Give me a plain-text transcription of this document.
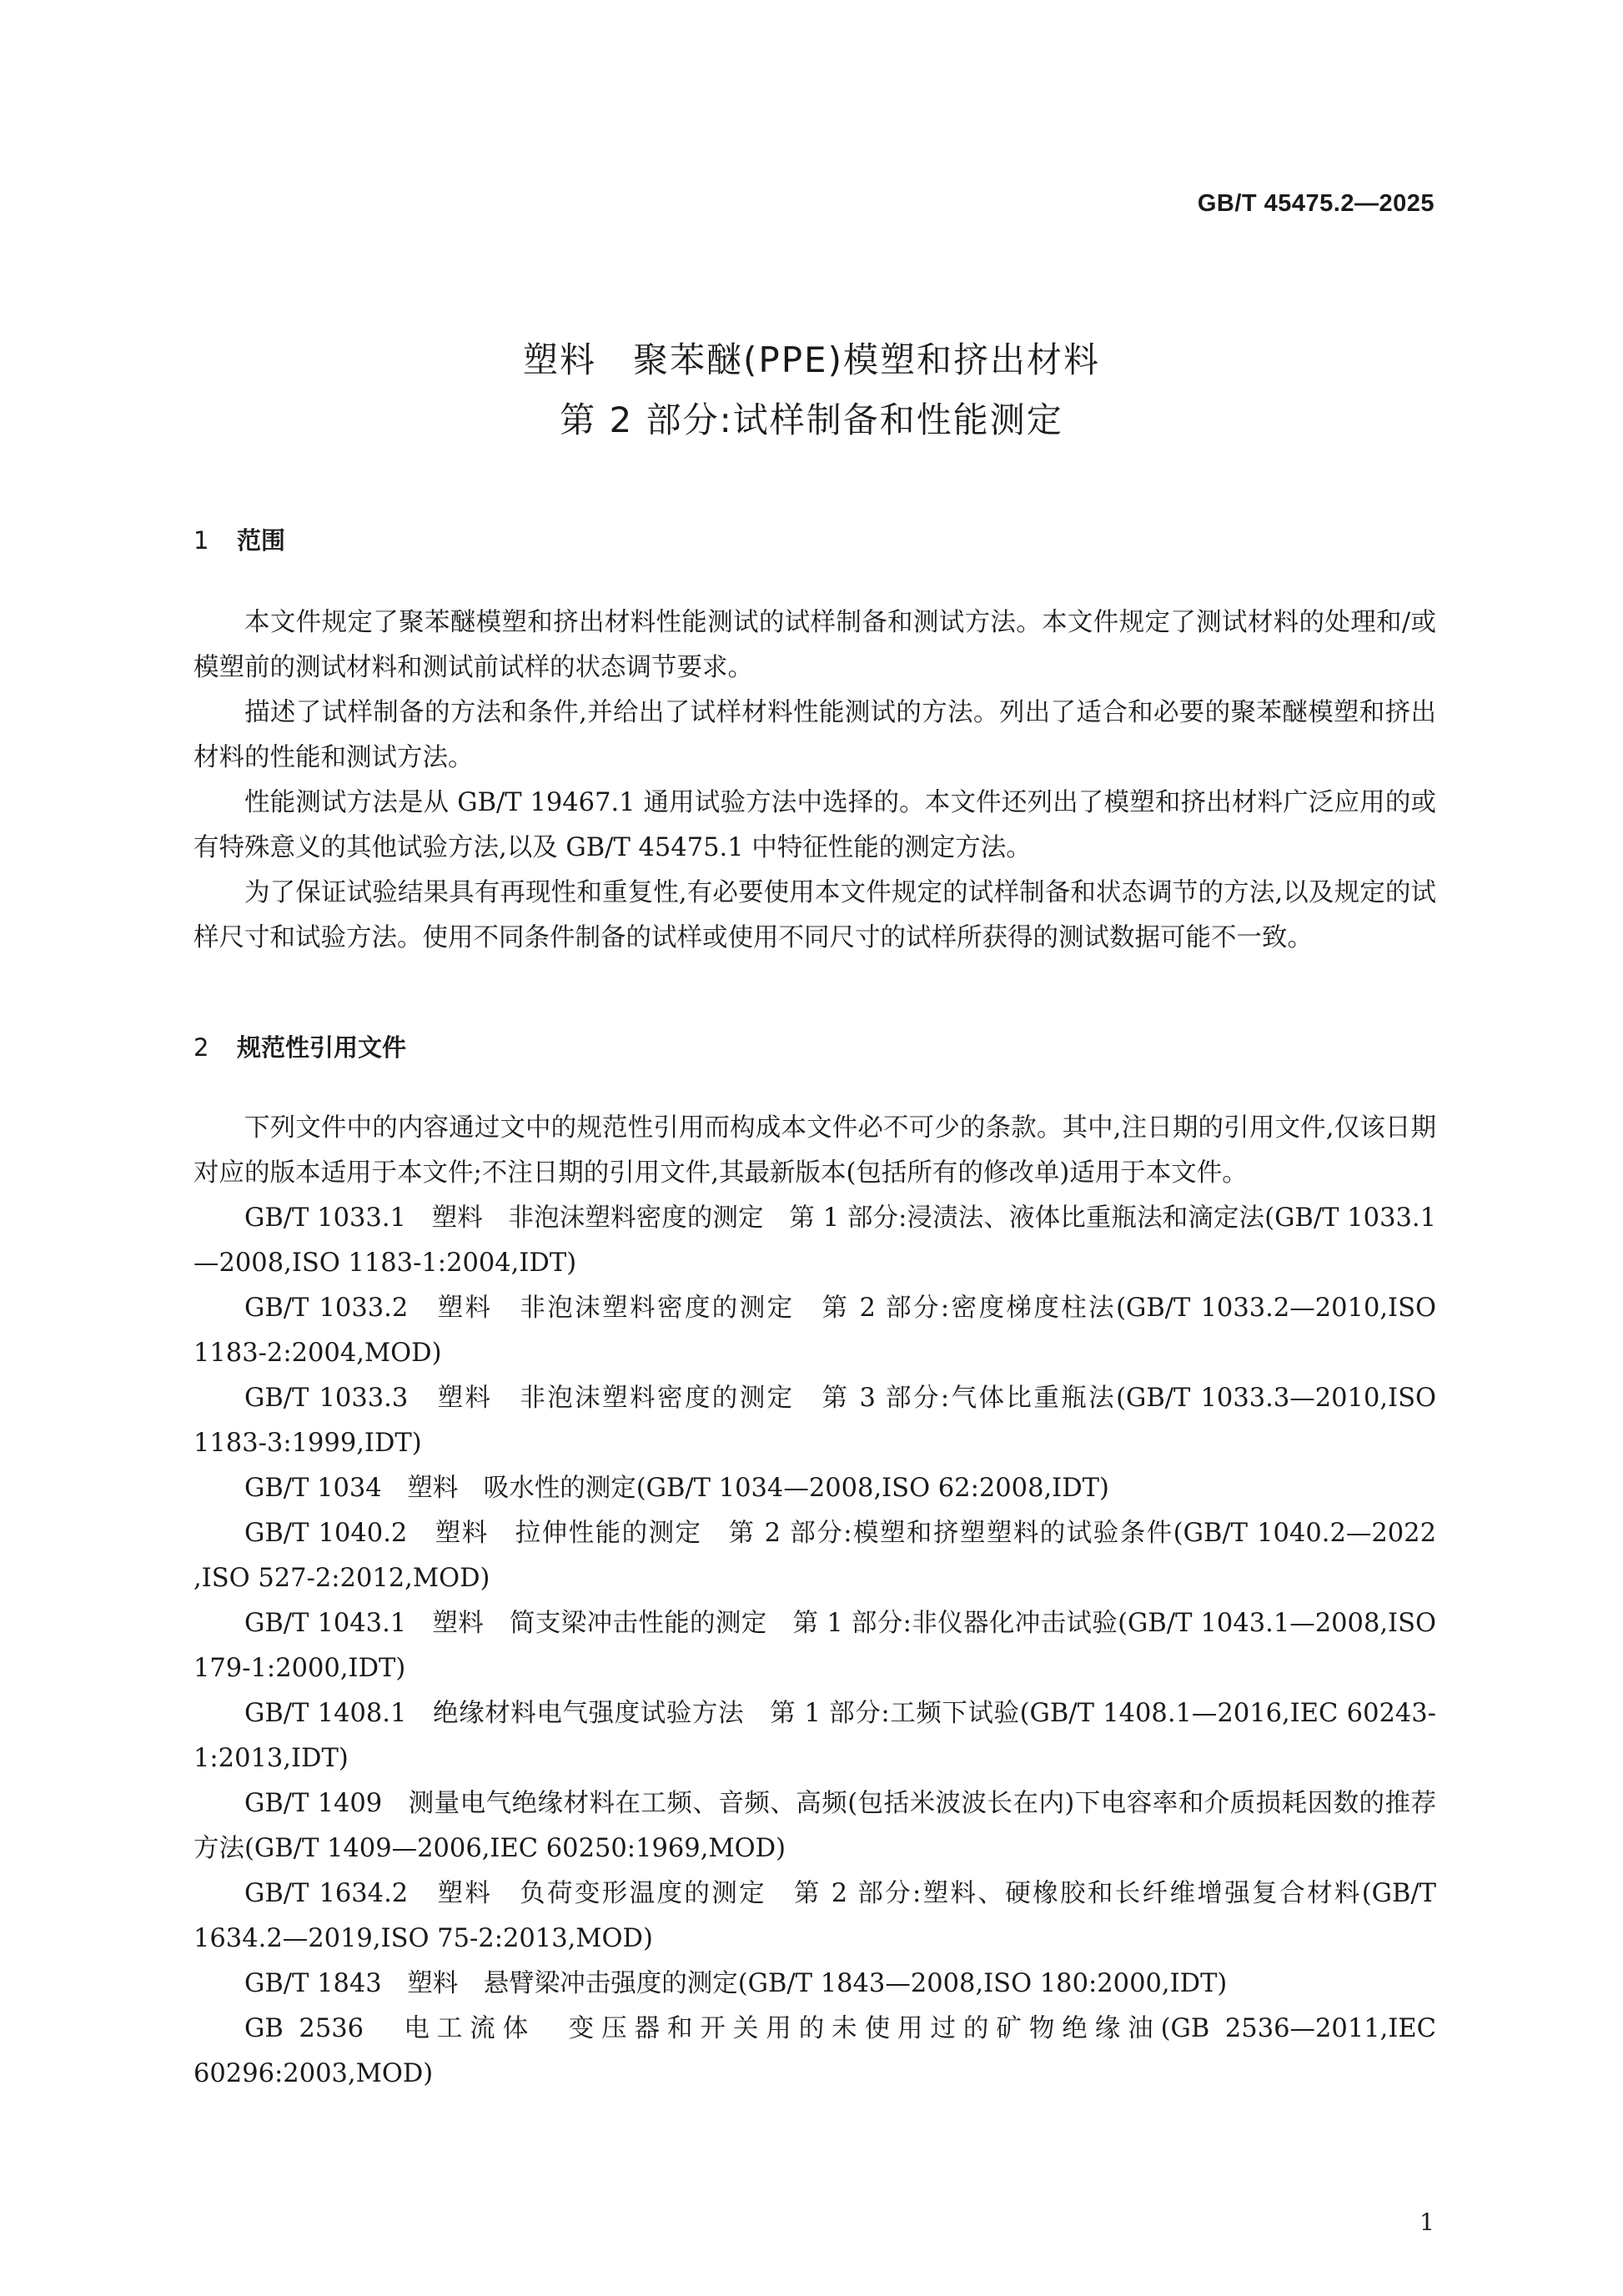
GB/T 45475.2—2025
塑料　聚苯醚(PPE)模塑和挤出材料
第 2 部分:试样制备和性能测定
1 范围

本文件规定了聚苯醚模塑和挤出材料性能测试的试样制备和测试方法。本文件规定了测试材料的处理和/或模塑前的测试材料和测试前试样的状态调节要求。

描述了试样制备的方法和条件,并给出了试样材料性能测试的方法。列出了适合和必要的聚苯醚模塑和挤出材料的性能和测试方法。

性能测试方法是从 GB/T 19467.1 通用试验方法中选择的。本文件还列出了模塑和挤出材料广泛应用的或有特殊意义的其他试验方法,以及 GB/T 45475.1 中特征性能的测定方法。

为了保证试验结果具有再现性和重复性,有必要使用本文件规定的试样制备和状态调节的方法,以及规定的试样尺寸和试验方法。使用不同条件制备的试样或使用不同尺寸的试样所获得的测试数据可能不一致。

2 规范性引用文件

下列文件中的内容通过文中的规范性引用而构成本文件必不可少的条款。其中,注日期的引用文件,仅该日期对应的版本适用于本文件;不注日期的引用文件,其最新版本(包括所有的修改单)适用于本文件。

GB/T 1033.1　塑料　非泡沫塑料密度的测定　第 1 部分:浸渍法、液体比重瓶法和滴定法(GB/T 1033.1—2008,ISO 1183-1:2004,IDT)

GB/T 1033.2　塑料　非泡沫塑料密度的测定　第 2 部分:密度梯度柱法(GB/T 1033.2—2010,ISO 1183-2:2004,MOD)

GB/T 1033.3　塑料　非泡沫塑料密度的测定　第 3 部分:气体比重瓶法(GB/T 1033.3—2010,ISO 1183-3:1999,IDT)

GB/T 1034　塑料　吸水性的测定(GB/T 1034—2008,ISO 62:2008,IDT)

GB/T 1040.2　塑料　拉伸性能的测定　第 2 部分:模塑和挤塑塑料的试验条件(GB/T 1040.2—2022 ,ISO 527-2:2012,MOD)

GB/T 1043.1　塑料　简支梁冲击性能的测定　第 1 部分:非仪器化冲击试验(GB/T 1043.1—2008,ISO 179-1:2000,IDT)

GB/T 1408.1　绝缘材料电气强度试验方法　第 1 部分:工频下试验(GB/T 1408.1—2016,IEC 60243-1:2013,IDT)

GB/T 1409　测量电气绝缘材料在工频、音频、高频(包括米波波长在内)下电容率和介质损耗因数的推荐方法(GB/T 1409—2006,IEC 60250:1969,MOD)

GB/T 1634.2　塑料　负荷变形温度的测定　第 2 部分:塑料、硬橡胶和长纤维增强复合材料(GB/T 1634.2—2019,ISO 75-2:2013,MOD)

GB/T 1843　塑料　悬臂梁冲击强度的测定(GB/T 1843—2008,ISO 180:2000,IDT)

GB 2536　电工流体　变压器和开关用的未使用过的矿物绝缘油(GB 2536—2011,IEC 60296:2003,MOD)

1
